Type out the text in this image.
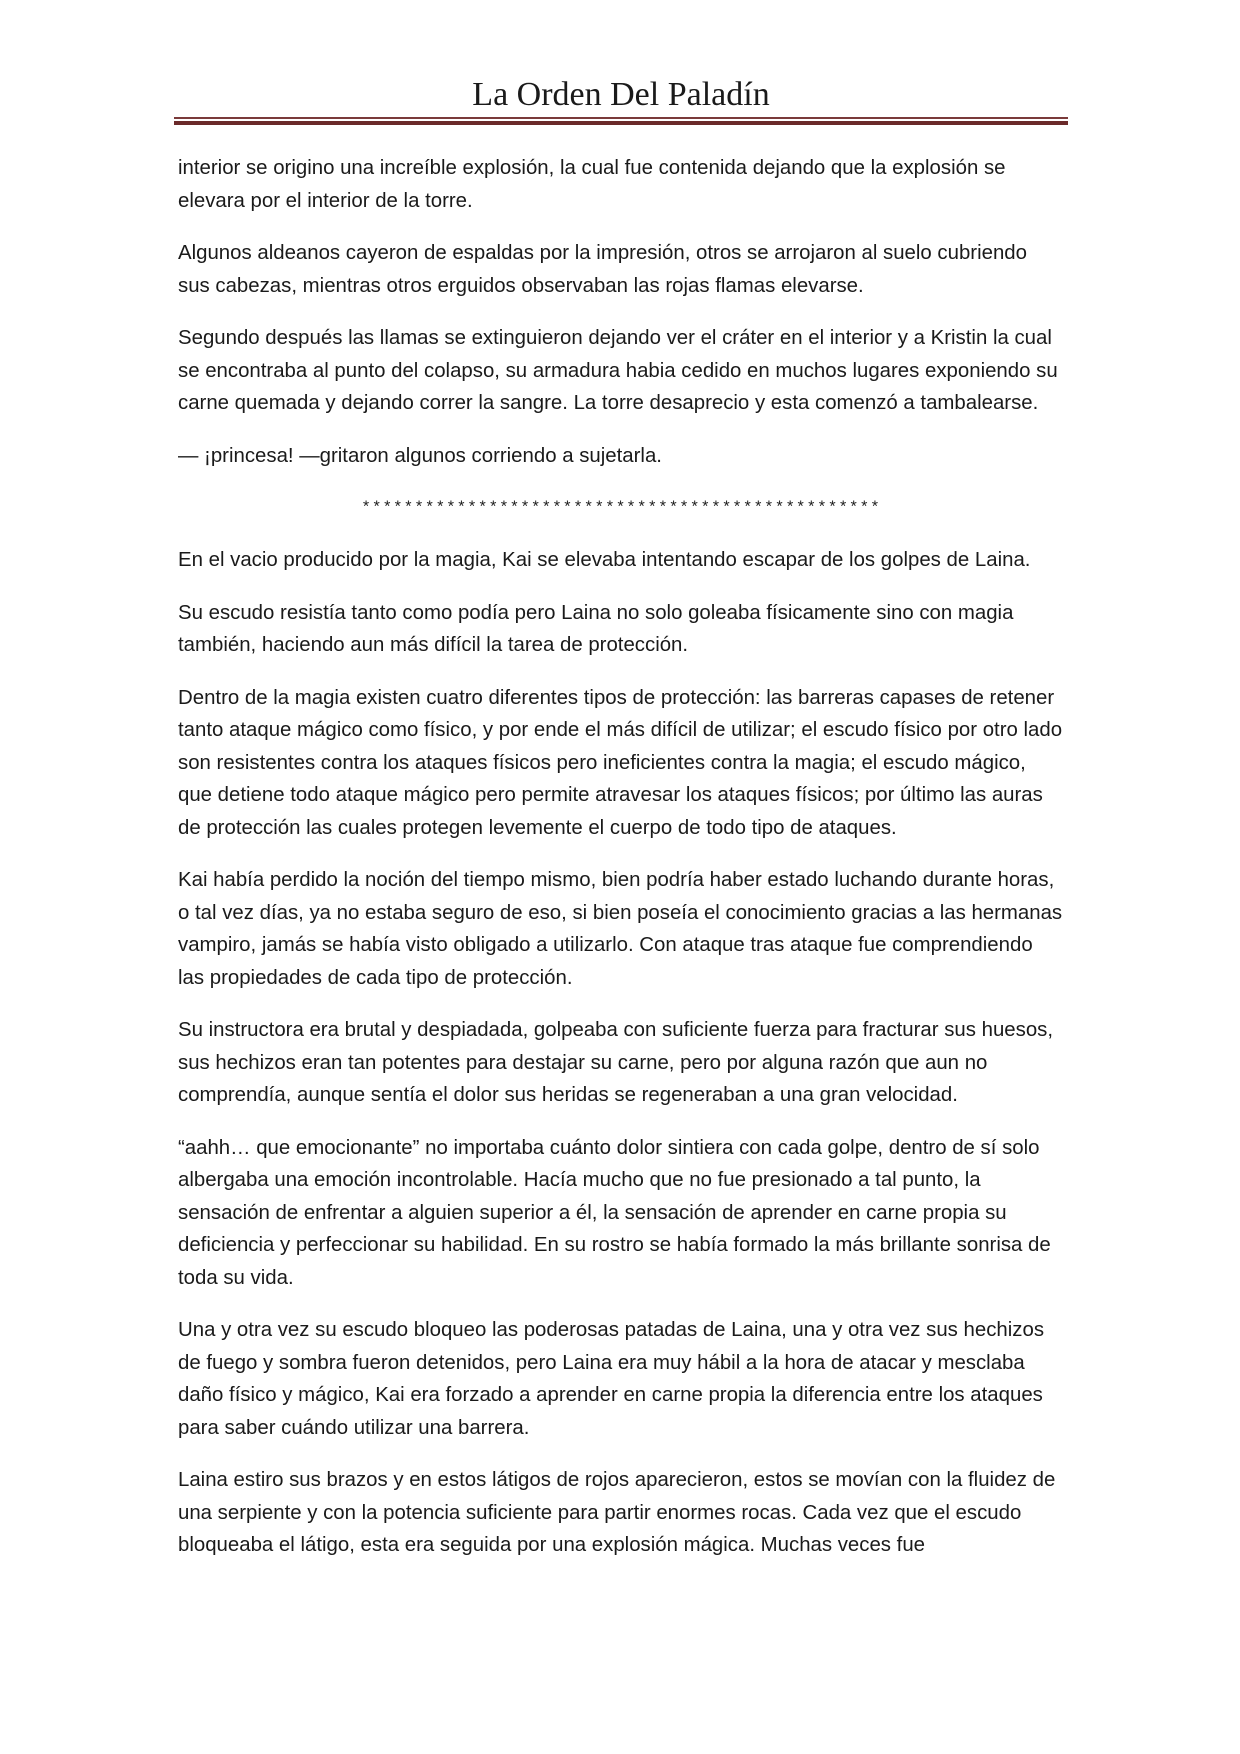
La Orden Del Paladín

interior se origino una increíble explosión, la cual fue contenida dejando que la explosión se elevara por el interior de la torre.

Algunos aldeanos cayeron de espaldas por la impresión, otros se arrojaron al suelo cubriendo sus cabezas, mientras otros erguidos observaban las rojas flamas elevarse.

Segundo después las llamas se extinguieron dejando ver el cráter en el interior y a Kristin la cual se encontraba al punto del colapso, su armadura habia cedido en muchos lugares exponiendo su carne quemada y dejando correr la sangre. La torre desaprecio y esta comenzó a tambalearse.

— ¡princesa! —gritaron algunos corriendo a sujetarla.

*************************************************

En el vacio producido por la magia, Kai se elevaba intentando escapar de los golpes de Laina.

Su escudo resistía tanto como podía pero Laina no solo goleaba físicamente sino con magia también, haciendo aun más difícil la tarea de protección.

Dentro de la magia existen cuatro diferentes tipos de protección: las barreras capases de retener tanto ataque mágico como físico, y por ende el más difícil de utilizar; el escudo físico por otro lado son resistentes contra los ataques físicos pero ineficientes contra la magia; el escudo mágico, que detiene todo ataque mágico pero permite atravesar los ataques físicos; por último las auras de protección las cuales protegen levemente el cuerpo de todo tipo de ataques.

Kai había perdido la noción del tiempo mismo, bien podría haber estado luchando durante horas, o tal vez días, ya no estaba seguro de eso, si bien poseía el conocimiento gracias a las hermanas vampiro, jamás se había visto obligado a utilizarlo. Con ataque tras ataque fue comprendiendo las propiedades de cada tipo de protección.

Su instructora era brutal y despiadada, golpeaba con suficiente fuerza para fracturar sus huesos, sus hechizos eran tan potentes para destajar su carne, pero por alguna razón que aun no comprendía, aunque sentía el dolor sus heridas se regeneraban a una gran velocidad.

“aahh… que emocionante” no importaba cuánto dolor sintiera con cada golpe, dentro de sí solo albergaba una emoción incontrolable. Hacía mucho que no fue presionado a tal punto, la sensación de enfrentar a alguien superior a él, la sensación de aprender en carne propia su deficiencia y perfeccionar su habilidad. En su rostro se había formado la más brillante sonrisa de toda su vida.

Una y otra vez su escudo bloqueo las poderosas patadas de Laina, una y otra vez sus hechizos de fuego y sombra fueron detenidos, pero Laina era muy hábil a la hora de atacar y mesclaba daño físico y mágico, Kai era forzado a aprender en carne propia la diferencia entre los ataques para saber cuándo utilizar una barrera.

Laina estiro sus brazos y en estos látigos de rojos aparecieron, estos se movían con la fluidez de una serpiente y con la potencia suficiente para partir enormes rocas. Cada vez que el escudo bloqueaba el látigo, esta era seguida por una explosión mágica. Muchas veces fue
